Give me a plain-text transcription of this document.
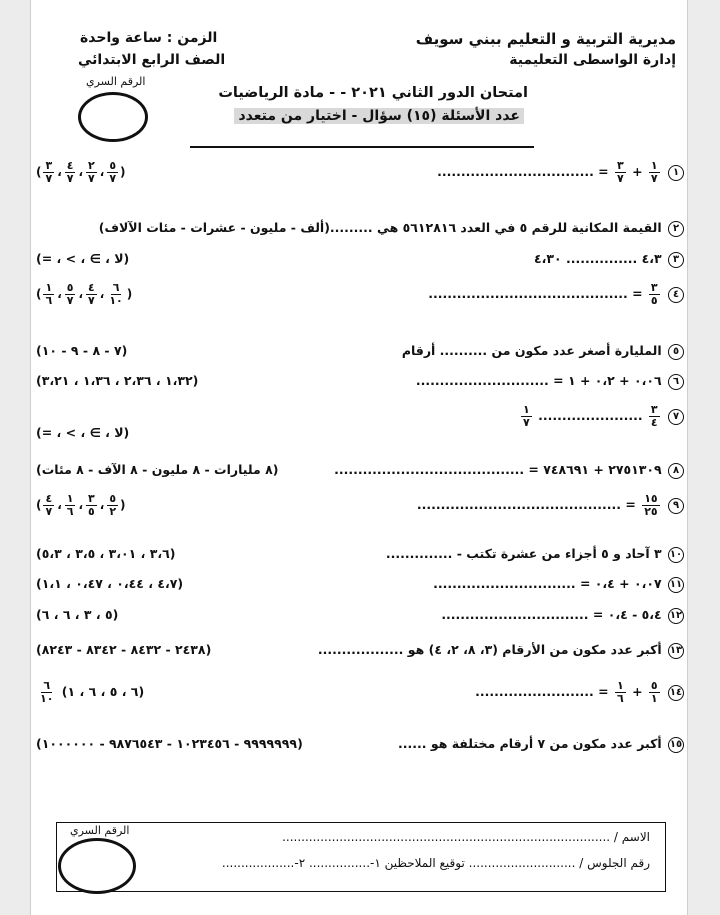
مديرية التربية و التعليم ببني سويف
إدارة الواسطى التعليمية
الزمن : ساعة واحدة
الصف الرابع الابتدائي
الرقم السري
امتحان الدور الثاني ٢٠٢١ - - مادة الرياضيات
عدد الأسئلة (١٥) سؤال - اختيار من متعدد
١
$\frac{١}{٧}$
+
$\frac{٣}{٧}$
= .................................
(
$\frac{٥}{٧}$
،
$\frac{٢}{٧}$
،
$\frac{٤}{٧}$
،
$\frac{٣}{٧}$
)
٢ القيمة المكانية للرقم ٥ في العدد ٥٦١٢٨١٦ هي .........(ألف - مليون - عشرات - مئات الآلاف)
٣ ٤،٣ ............... ٤،٣٠
(لا ، ∋ ، > ، =)
٤
$\frac{٣}{٥}$
= ..........................................
(
$\frac{٦}{١٠}$
،
$\frac{٤}{٧}$
،
$\frac{٥}{٧}$
،
$\frac{١}{٦}$
)
٥ المليارة أصغر عدد مكون من .......... أرقام
(٧ - ٨ - ٩ - ١٠)
٦ ٠،٠٦ + ٠،٢ + ١ = ............................
(١،٣٢ ، ٢،٣٦ ، ١،٣٦ ، ٣،٢١)
٧
$\frac{٣}{٤}$
......................
$\frac{١}{٧}$
(لا ، ∋ ، > ، =)
٨ ٢٧٥١٣٠٩ + ٧٤٨٦٩١ = ........................................
(٨ مليارات - ٨ مليون - ٨ الآف - ٨ مئات)
٩
$\frac{١٥}{٢٥}$
= ...........................................
(
$\frac{٥}{٢}$
،
$\frac{٣}{٥}$
،
$\frac{١}{٦}$
،
$\frac{٤}{٧}$
)
١٠ ٣ آحاد و ٥ أجزاء من عشرة تكتب - ..............
(٣،٦ ، ٣،٠١ ، ٣،٥ ، ٥،٣)
١١ ٠،٠٧ + ٠،٤ = ..............................
(٤،٧ ، ٠،٤٤ ، ٠،٤٧ ، ١،١)
١٢ ٥،٤ - ٠،٤ = ...............................
(٥ ، ٣ ، ٦ ، ٦)
١٣ أكبر عدد مكون من الأرقام (٣، ٨، ٢، ٤) هو ..................
(٢٤٣٨ - ٨٤٣٢ - ٨٣٤٢ - ٨٢٤٣)
١٤
$\frac{٥}{١}$
+
$\frac{١}{٦}$
= .........................
(٦ ، ٥ ، ٦ ، ١)
$\frac{٦}{١٠}$
١٥ أكبر عدد مكون من ٧ أرقام مختلفة هو ......
(٩٩٩٩٩٩٩ - ١٠٢٣٤٥٦ - ٩٨٧٦٥٤٣ - ١٠٠٠٠٠٠)
الرقم السري	الاسم / ......................................................................................
رقم الجلوس / ............................ توقيع الملاحظين ١-................ ٢-...................
